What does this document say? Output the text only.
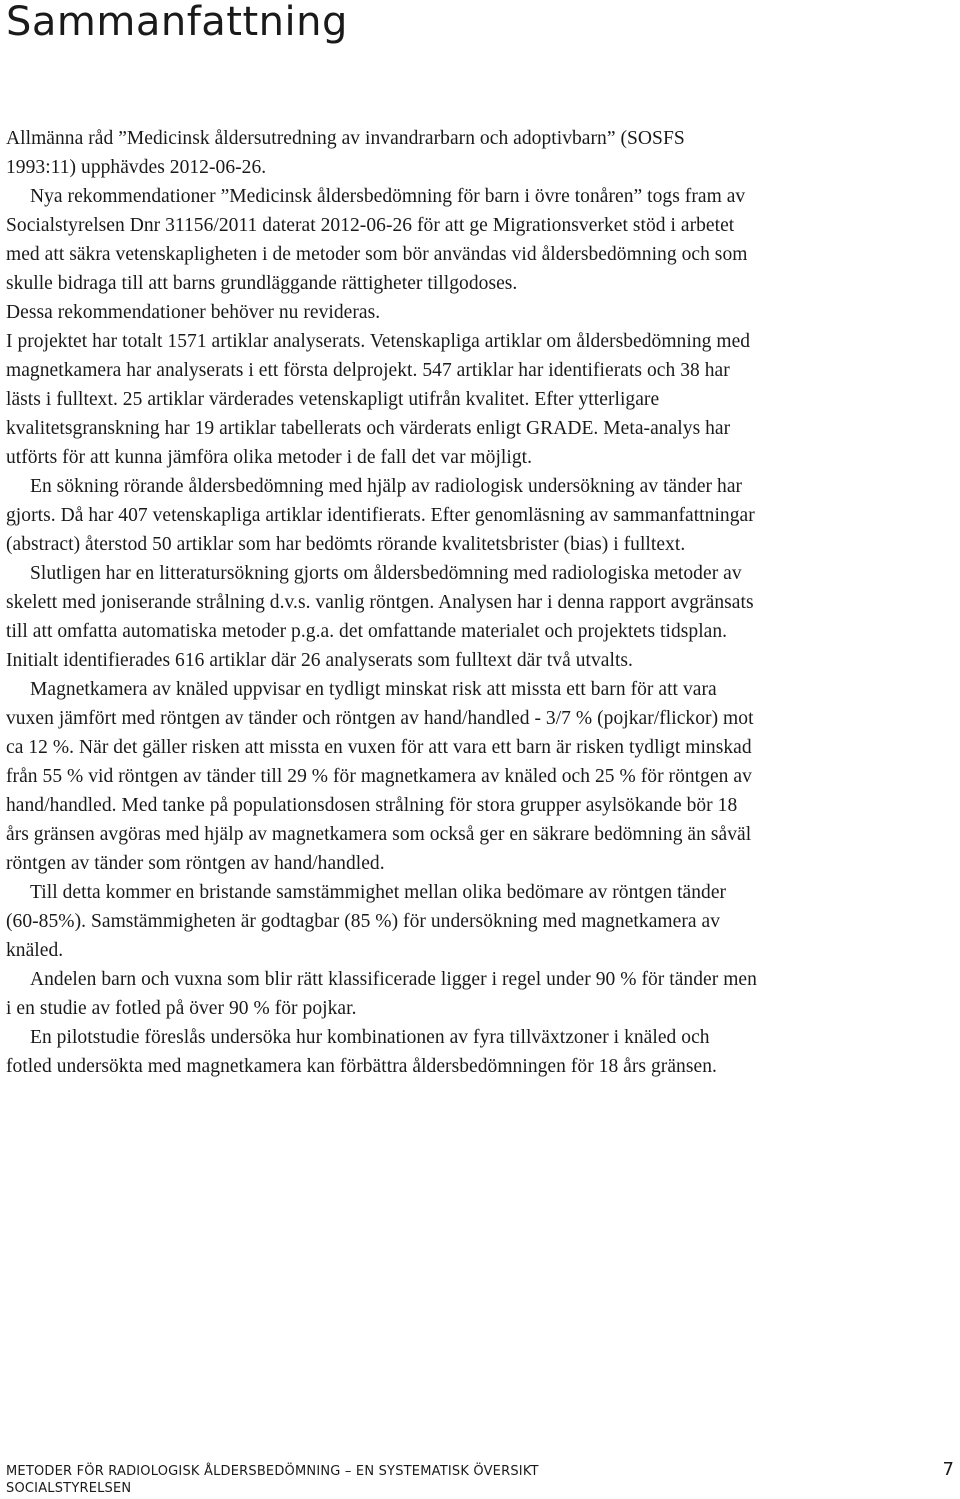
Sammanfattning

Allmänna råd ”Medicinsk åldersutredning av invandrarbarn och adoptivbarn” (SOSFS 1993:11) upphävdes 2012-06-26.

Nya rekommendationer ”Medicinsk åldersbedömning för barn i övre tonåren” togs fram av Socialstyrelsen Dnr 31156/2011 daterat 2012-06-26 för att ge Migrationsverket stöd i arbetet med att säkra vetenskapligheten i de metoder som bör användas vid åldersbedömning och som skulle bidraga till att barns grundläggande rättigheter tillgodoses.

Dessa rekommendationer behöver nu revideras.

I projektet har totalt 1571 artiklar analyserats. Vetenskapliga artiklar om åldersbedömning med magnetkamera har analyserats i ett första delprojekt. 547 artiklar har identifierats och 38 har lästs i fulltext. 25 artiklar värderades vetenskapligt utifrån kvalitet. Efter ytterligare kvalitetsgranskning har 19 artiklar tabellerats och värderats enligt GRADE. Meta-analys har utförts för att kunna jämföra olika metoder i de fall det var möjligt.

En sökning rörande åldersbedömning med hjälp av radiologisk undersökning av tänder har gjorts. Då har 407 vetenskapliga artiklar identifierats. Efter genomläsning av sammanfattningar (abstract) återstod 50 artiklar som har bedömts rörande kvalitetsbrister (bias) i fulltext.

Slutligen har en litteratursökning gjorts om åldersbedömning med radiologiska metoder av skelett med joniserande strålning d.v.s. vanlig röntgen. Analysen har i denna rapport avgränsats till att omfatta automatiska metoder p.g.a. det omfattande materialet och projektets tidsplan. Initialt identifierades 616 artiklar där 26 analyserats som fulltext där två utvalts.

Magnetkamera av knäled uppvisar en tydligt minskat risk att missta ett barn för att vara vuxen jämfört med röntgen av tänder och röntgen av hand/handled - 3/7 % (pojkar/flickor) mot ca 12 %. När det gäller risken att missta en vuxen för att vara ett barn är risken tydligt minskad från 55 % vid röntgen av tänder till 29 % för magnetkamera av knäled och 25 % för röntgen av hand/handled. Med tanke på populationsdosen strålning för stora grupper asylsökande bör 18 års gränsen avgöras med hjälp av magnetkamera som också ger en säkrare bedömning än såväl röntgen av tänder som röntgen av hand/handled.

Till detta kommer en bristande samstämmighet mellan olika bedömare av röntgen tänder (60-85%). Samstämmigheten är godtagbar (85 %) för undersökning med magnetkamera av knäled.

Andelen barn och vuxna som blir rätt klassificerade ligger i regel under 90 % för tänder men i en studie av fotled på över 90 % för pojkar.

En pilotstudie föreslås undersöka hur kombinationen av fyra tillväxtzoner i knäled och fotled undersökta med magnetkamera kan förbättra åldersbedömningen för 18 års gränsen.

METODER FÖR RADIOLOGISK ÅLDERSBEDÖMNING – EN SYSTEMATISK ÖVERSIKT
SOCIALSTYRELSEN
7
